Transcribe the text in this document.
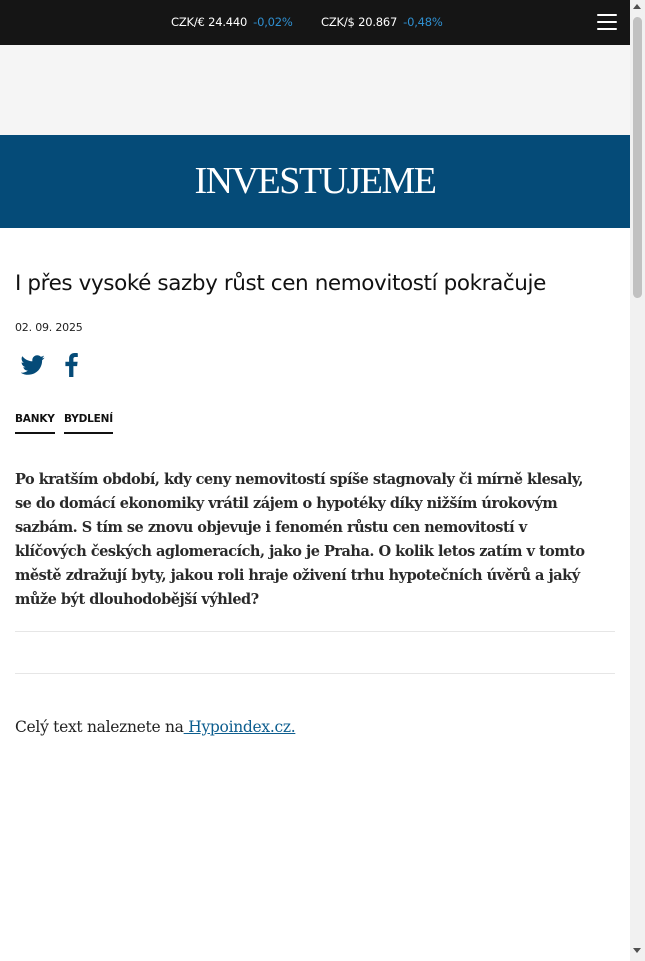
CZK/€ 24.440 -0,02% CZK/$ 20.867 -0,48%
INVESTUJEME
I přes vysoké sazby růst cen nemovitostí pokračuje
02. 09. 2025
BANKY BYDLENÍ

Po kratším období, kdy ceny nemovitostí spíše stagnovaly či mírně klesaly, se do domácí ekonomiky vrátil zájem o hypotéky díky nižším úrokovým sazbám. S tím se znovu objevuje i fenomén růstu cen nemovitostí v klíčových českých aglomeracích, jako je Praha. O kolik letos zatím v tomto městě zdražují byty, jakou roli hraje oživení trhu hypotečních úvěrů a jaký může být dlouhodobější výhled?

Celý text naleznete na Hypoindex.cz.
